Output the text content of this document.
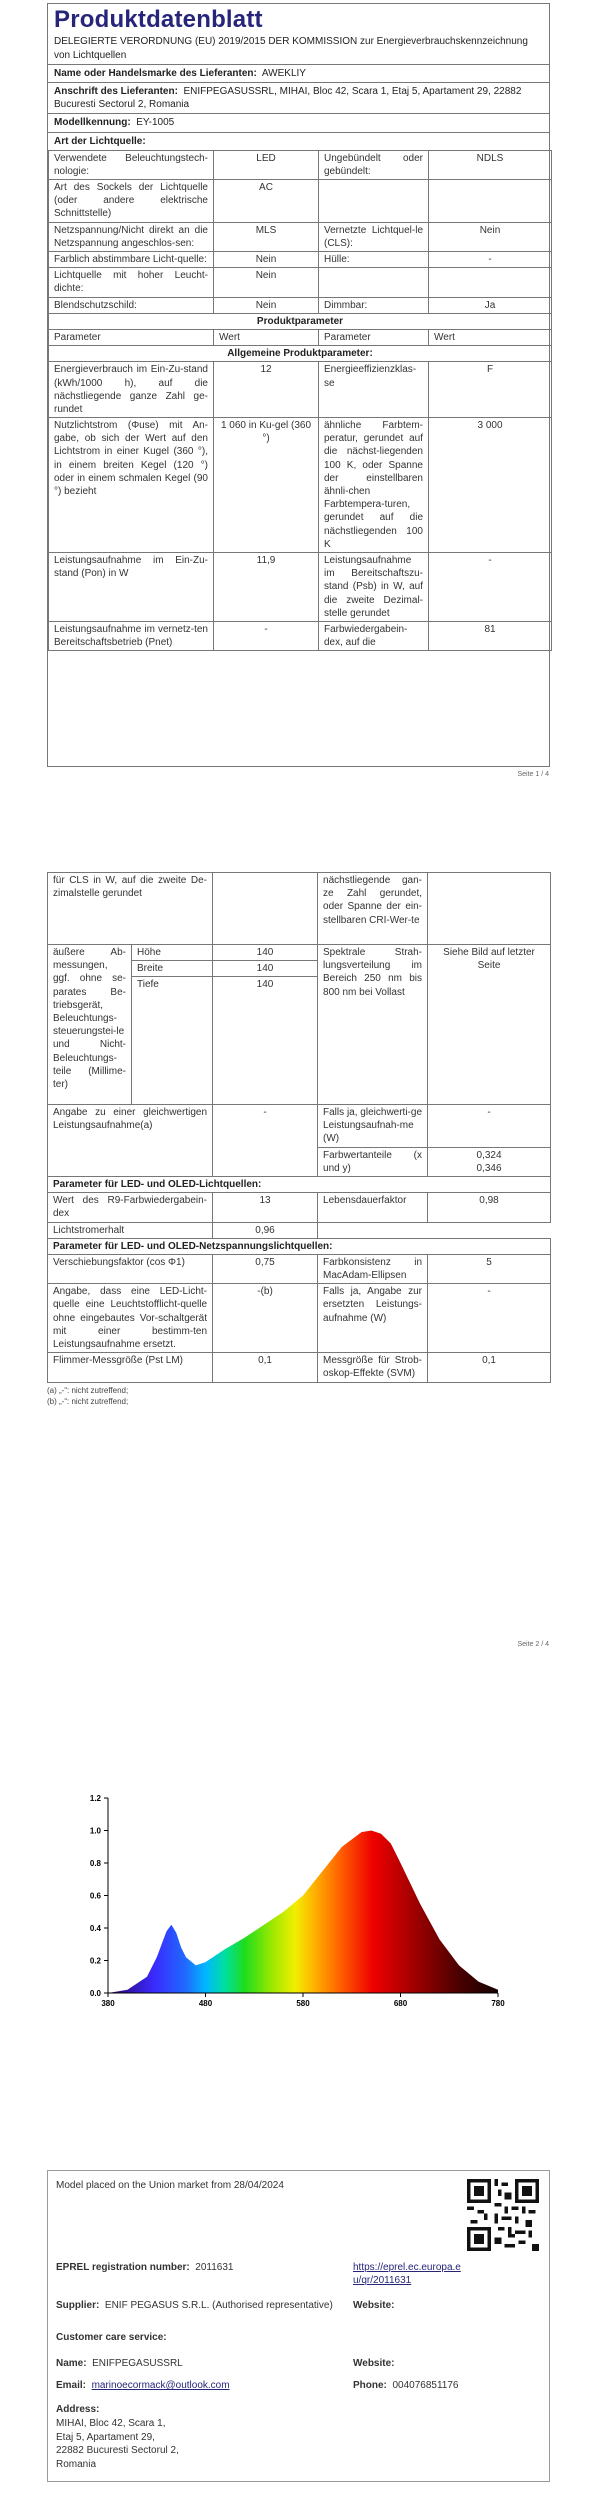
Produktdatenblatt
DELEGIERTE VERORDNUNG (EU) 2019/2015 DER KOMMISSION zur Energieverbrauchskennzeichnung von Lichtquellen
Name oder Handelsmarke des Lieferanten: AWEKLIY
Anschrift des Lieferanten: ENIFPEGASUSSRL, MIHAI, Bloc 42, Scara 1, Etaj 5, Apartament 29, 22882 Bucuresti Sectorul 2, Romania
Modellkennung: EY-1005
Art der Lichtquelle:
Verwendete Beleuchtungstech-nologie:	LED	Ungebündelt oder gebündelt:	NDLS
Art des Sockels der Lichtquelle (oder andere elektrische Schnittstelle)	AC		
Netzspannung/Nicht direkt an die Netzspannung angeschlos-sen:	MLS	Vernetzte Lichtquel-le (CLS):	Nein
Farblich abstimmbare Licht-quelle:	Nein	Hülle:	-
Lichtquelle mit hoher Leucht-dichte:	Nein		
Blendschutzschild:	Nein	Dimmbar:	Ja
Produktparameter			
Parameter	Wert	Parameter	Wert
Allgemeine Produktparameter:			
Energieverbrauch im Ein-Zu-stand (kWh/1000 h), auf die nächstliegende ganze Zahl ge-rundet	12	Energieeffizienzklas-se	F
Nutzlichtstrom (Φuse) mit An-gabe, ob sich der Wert auf den Lichtstrom in einer Kugel (360 °), in einem breiten Kegel (120 °) oder in einem schmalen Kegel (90 °) bezieht	1 060 in Ku-gel (360 °)	ähnliche Farbtem-peratur, gerundet auf die nächst-liegenden 100 K, oder Spanne der einstellbaren ähnli-chen Farbtempera-turen, gerundet auf die nächstliegenden 100 K	3 000
Leistungsaufnahme im Ein-Zu-stand (Pon) in W	11,9	Leistungsaufnahme im Bereitschaftszu-stand (Psb) in W, auf die zweite Dezimal-stelle gerundet	-
Leistungsaufnahme im vernetz-ten Bereitschaftsbetrieb (Pnet)	-	Farbwiedergabein-dex, auf die	81
Seite 1 / 4
für CLS in W, auf die zweite De-zimalstelle gerundet			nächstliegende gan-ze Zahl gerundet, oder Spanne der ein-stellbaren CRI-Wer-te	
äußere Ab-messungen, ggf. ohne se-parates Be-triebsgerät, Beleuchtungs-steuerungstei-le und Nicht-Beleuchtungs-teile (Millime-ter)	Höhe	140	Spektrale Strah-lungsverteilung im Bereich 250 nm bis 800 nm bei Vollast	Siehe Bild auf letzter Seite
	Breite	140		
	Tiefe	140		
Angabe zu einer gleichwertigen Leistungsaufnahme(a)		-	Falls ja, gleichwerti-ge Leistungsaufnah-me (W)	-
			Farbwertanteile (x und y)	0,324
0,346

Parameter für LED- und OLED-Lichtquellen:				
Wert des R9-Farbwiedergabein-dex		13	Lebensdauerfaktor	0,98
Lichtstromerhalt		0,96		
Parameter für LED- und OLED-Netzspannungslichtquellen:				
Verschiebungsfaktor (cos Φ1)		0,75	Farbkonsistenz in MacAdam-Ellipsen	5
Angabe, dass eine LED-Licht-quelle eine Leuchtstofflicht-quelle ohne eingebautes Vor-schaltgerät mit einer bestimm-ten Leistungsaufnahme ersetzt.		-(b)	Falls ja, Angabe zur ersetzten Leistungs-aufnahme (W)	-
Flimmer-Messgröße (Pst LM)		0,1	Messgröße für Strob-oskop-Effekte (SVM)	0,1
(a) „-“: nicht zutreffend;
(b) „-“: nicht zutreffend;
Seite 2 / 4
0.0
0.2
0.4
0.6
0.8
1.0
1.2
380	480	580	680	780
Model placed on the Union market from 28/04/2024
EPREL registration number: 2011631	https://eprel.ec.europa.eu/qr/2011631
Supplier: ENIF PEGASUS S.R.L. (Authorised representative)	Website:
Customer care service:
Name: ENIFPEGASUSSRL	Website:
Email: marinoecormack@outlook.com	Phone: 004076851176
Address:
MIHAI, Bloc 42, Scara 1,
Etaj 5, Apartament 29,
22882 Bucuresti Sectorul 2,
Romania
